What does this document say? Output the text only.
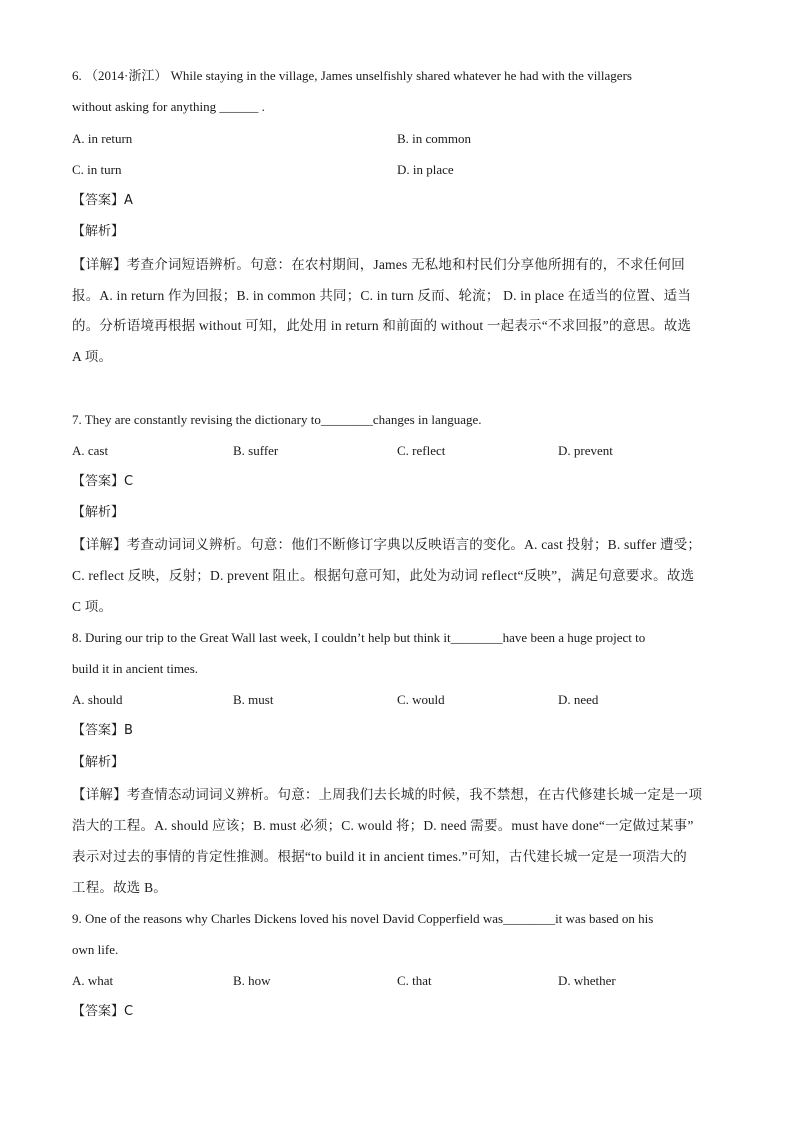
6. （2014·浙江） While staying in the village, James unselfishly shared whatever he had with the villagers
without asking for anything ______ .
A. in return	B. in common
C. in turn	D. in place
【答案】A
【解析】
【详解】考查介词短语辨析。句意：在农村期间，James 无私地和村民们分享他所拥有的，不求任何回
报。A. in return 作为回报；B. in common 共同；C. in turn 反而、轮流； D. in place 在适当的位置、适当
的。分析语境再根据 without 可知，此处用 in return 和前面的 without 一起表示“不求回报”的意思。故选
A 项。
7. They are constantly revising the dictionary to________changes in language.
A. cast	B. suffer	C. reflect	D. prevent
【答案】C
【解析】
【详解】考查动词词义辨析。句意：他们不断修订字典以反映语言的变化。A. cast 投射；B. suffer 遭受；
C. reflect 反映，反射；D. prevent 阻止。根据句意可知，此处为动词 reflect“反映”，满足句意要求。故选
C 项。
8. During our trip to the Great Wall last week, I couldn’t help but think it________have been a huge project to
build it in ancient times.
A. should	B. must	C. would	D. need
【答案】B
【解析】
【详解】考查情态动词词义辨析。句意：上周我们去长城的时候，我不禁想，在古代修建长城一定是一项
浩大的工程。A. should 应该；B. must 必须；C. would 将；D. need 需要。must have done“一定做过某事”
表示对过去的事情的肯定性推测。根据“to build it in ancient times.”可知，古代建长城一定是一项浩大的
工程。故选 B。
9. One of the reasons why Charles Dickens loved his novel David Copperfield was________it was based on his
own life.
A. what	B. how	C. that	D. whether
【答案】C
